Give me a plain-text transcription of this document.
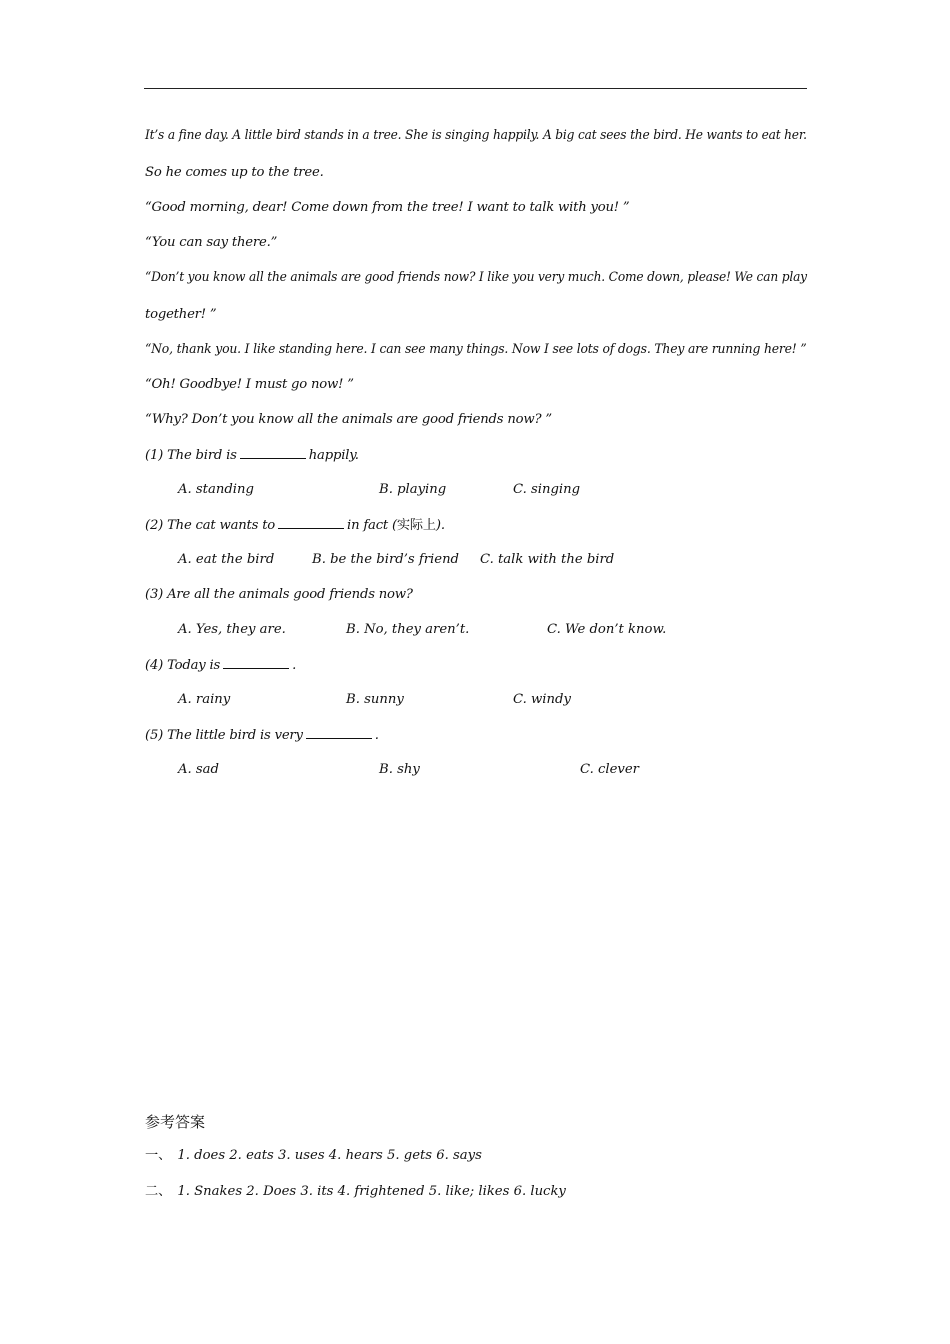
It’s a fine day. A little bird stands in a tree. She is singing happily. A big cat sees the bird. He wants to eat her.
So he comes up to the tree.
“Good morning, dear! Come down from the tree! I want to talk with you! ”
“You can say there.”
“Don’t you know all the animals are good friends now? I like you very much. Come down, please! We can play
together! ”
“No, thank you. I like standing here. I can see many things. Now I see lots of dogs. They are running here! ”
“Oh! Goodbye! I must go now! ”
“Why? Don’t you know all the animals are good friends now? ”
(1) The bird is	happily.
A. standing	B. playing	C. singing
(2) The cat wants to	in fact (实际上).
A. eat the bird	B. be the bird’s friend C. talk with the bird
(3) Are all the animals good friends now?
A. Yes, they are.	B. No, they aren’t.	C. We don’t know.
(4) Today is	.
A. rainy	B. sunny	C. windy
(5) The little bird is very	.
A. sad	B. shy	C. clever
参考答案
一、 1. does 2. eats 3. uses 4. hears 5. gets 6. says
二、 1. Snakes 2. Does 3. its 4. frightened 5. like; likes 6. lucky
